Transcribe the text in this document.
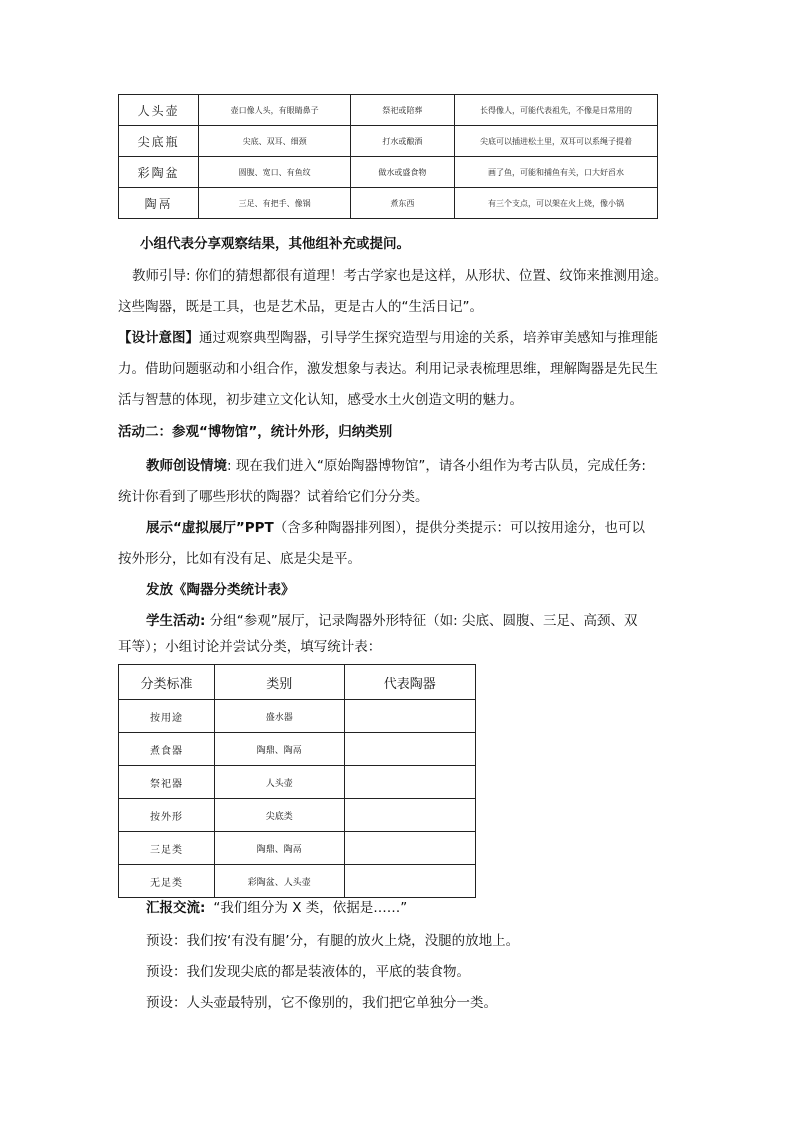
人头壶	壶口像人头，有眼睛鼻子	祭祀或陪葬	长得像人，可能代表祖先，不像是日常用的
尖底瓶	尖底、双耳、细颈	打水或酿酒	尖底可以插进松土里，双耳可以系绳子提着
彩陶盆	圆腹、宽口、有鱼纹	做水或盛食物	画了鱼，可能和捕鱼有关，口大好舀水
陶鬲	三足、有把手、像锅	煮东西	有三个支点，可以架在火上烧，像小锅
小组代表分享观察结果，其他组补充或提问。
教师引导: 你们的猜想都很有道理！考古学家也是这样，从形状、位置、纹饰来推测用途。
这些陶器，既是工具，也是艺术品，更是古人的“生活日记”。
【设计意图】通过观察典型陶器，引导学生探究造型与用途的关系，培养审美感知与推理能
力。借助问题驱动和小组合作，激发想象与表达。利用记录表梳理思维，理解陶器是先民生
活与智慧的体现，初步建立文化认知，感受水土火创造文明的魅力。
活动二：参观“博物馆”，统计外形，归纳类别
教师创设情境: 现在我们进入“原始陶器博物馆”，请各小组作为考古队员，完成任务:
统计你看到了哪些形状的陶器？试着给它们分分类。
展示“虚拟展厅”PPT（含多种陶器排列图），提供分类提示：可以按用途分，也可以
按外形分，比如有没有足、底是尖是平。
发放《陶器分类统计表》
学生活动: 分组“参观”展厅，记录陶器外形特征（如: 尖底、圆腹、三足、高颈、双
耳等）；小组讨论并尝试分类，填写统计表：
分类标准	类别	代表陶器
按用途	盛水器	
煮食器	陶鼎、陶鬲	
祭祀器	人头壶	
按外形	尖底类	
三足类	陶鼎、陶鬲	
无足类	彩陶盆、人头壶	
汇报交流: “我们组分为 X 类，依据是……”
预设：我们按‘有没有腿’分，有腿的放火上烧，没腿的放地上。
预设：我们发现尖底的都是装液体的，平底的装食物。
预设：人头壶最特别，它不像别的，我们把它单独分一类。
